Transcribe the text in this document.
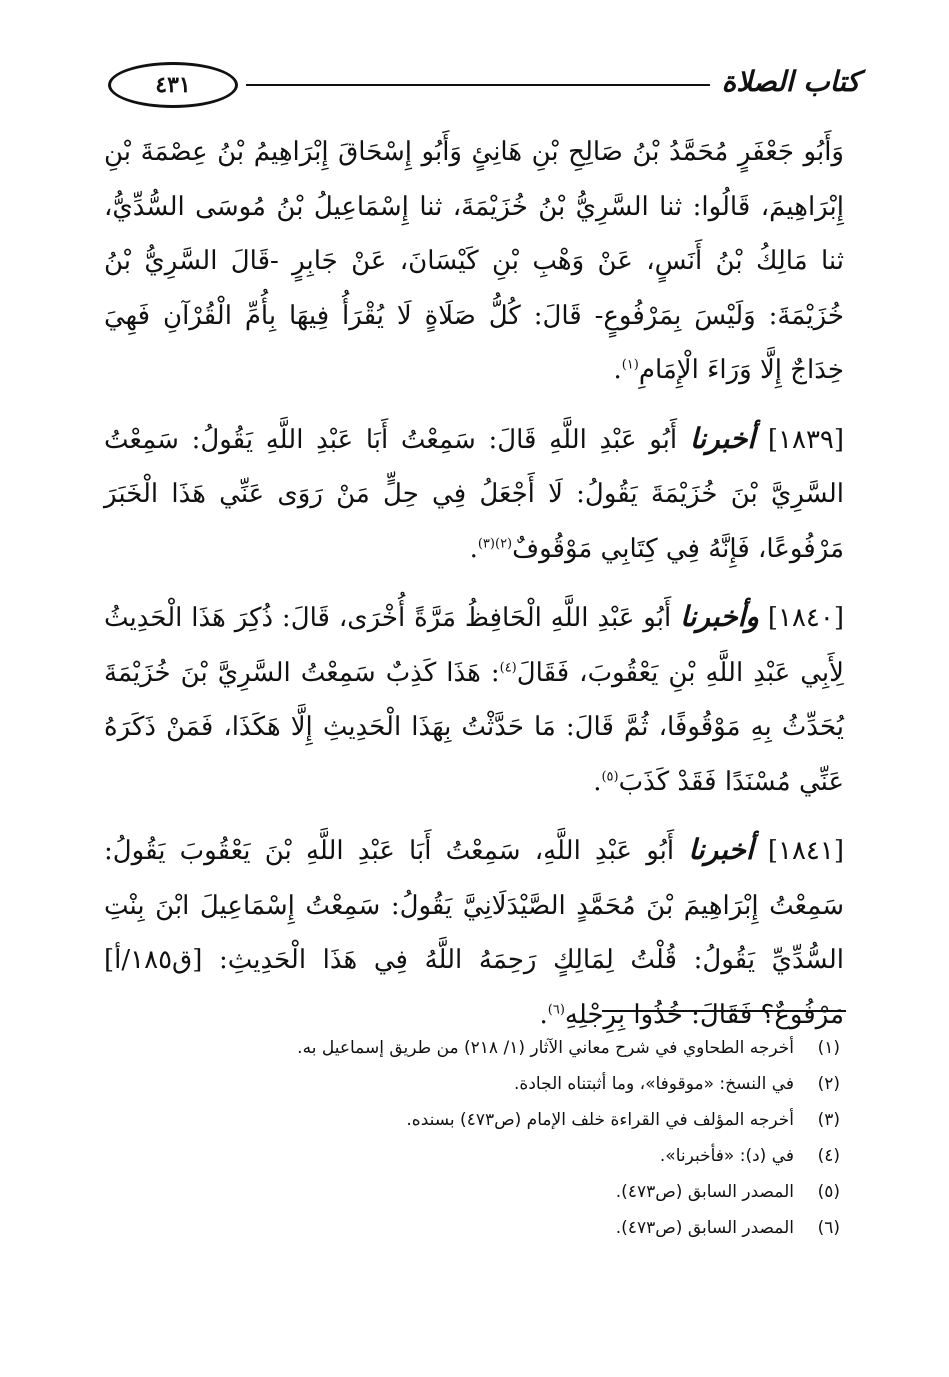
٤٣١	كتاب الصلاة

وَأَبُو جَعْفَرٍ مُحَمَّدُ بْنُ صَالِحِ بْنِ هَانِئٍ وَأَبُو إِسْحَاقَ إِبْرَاهِيمُ بْنُ عِصْمَةَ بْنِ إِبْرَاهِيمَ، قَالُوا: ثنا السَّرِيُّ بْنُ خُزَيْمَةَ، ثنا إِسْمَاعِيلُ بْنُ مُوسَى السُّدِّيُّ، ثنا مَالِكُ بْنُ أَنَسٍ، عَنْ وَهْبِ بْنِ كَيْسَانَ، عَنْ جَابِرٍ -قَالَ السَّرِيُّ بْنُ خُزَيْمَةَ: وَلَيْسَ بِمَرْفُوعٍ- قَالَ: كُلُّ صَلَاةٍ لَا يُقْرَأُ فِيهَا بِأُمِّ الْقُرْآنِ فَهِيَ خِدَاجٌ إِلَّا وَرَاءَ الْإِمَامِ$^{(١)}$.

[١٨٣٩] أخبرنا أَبُو عَبْدِ اللَّهِ قَالَ: سَمِعْتُ أَبَا عَبْدِ اللَّهِ يَقُولُ: سَمِعْتُ السَّرِيَّ بْنَ خُزَيْمَةَ يَقُولُ: لَا أَجْعَلُ فِي حِلٍّ مَنْ رَوَى عَنِّي هَذَا الْخَبَرَ مَرْفُوعًا، فَإِنَّهُ فِي كِتَابِي مَوْقُوفٌ$^{(٢)(٣)}$.

[١٨٤٠] وأخبرنا أَبُو عَبْدِ اللَّهِ الْحَافِظُ مَرَّةً أُخْرَى، قَالَ: ذُكِرَ هَذَا الْحَدِيثُ لِأَبِي عَبْدِ اللَّهِ بْنِ يَعْقُوبَ، فَقَالَ$^{(٤)}$: هَذَا كَذِبٌ سَمِعْتُ السَّرِيَّ بْنَ خُزَيْمَةَ يُحَدِّثُ بِهِ مَوْقُوفًا، ثُمَّ قَالَ: مَا حَدَّثْتُ بِهَذَا الْحَدِيثِ إِلَّا هَكَذَا، فَمَنْ ذَكَرَهُ عَنِّي مُسْنَدًا فَقَدْ كَذَبَ$^{(٥)}$.

[١٨٤١] أخبرنا أَبُو عَبْدِ اللَّهِ، سَمِعْتُ أَبَا عَبْدِ اللَّهِ بْنَ يَعْقُوبَ يَقُولُ: سَمِعْتُ إِبْرَاهِيمَ بْنَ مُحَمَّدٍ الصَّيْدَلَانِيَّ يَقُولُ: سَمِعْتُ إِسْمَاعِيلَ ابْنَ بِنْتِ السُّدِّيِّ يَقُولُ: قُلْتُ لِمَالِكٍ رَحِمَهُ اللَّهُ فِي هَذَا الْحَدِيثِ: [ق١٨٥/أ] مَرْفُوعٌ؟ فَقَالَ: خُذُوا بِرِجْلِهِ$^{(٦)}$.

(١)
أخرجه الطحاوي في شرح معاني الآثار (١/ ٢١٨) من طريق إسماعيل به.
(٢)
في النسخ: «موقوفا»، وما أثبتناه الجادة.
(٣)
أخرجه المؤلف في القراءة خلف الإمام (ص٤٧٣) بسنده.
(٤)
في (د): «فأخبرنا».
(٥)
المصدر السابق (ص٤٧٣).
(٦)
المصدر السابق (ص٤٧٣).
